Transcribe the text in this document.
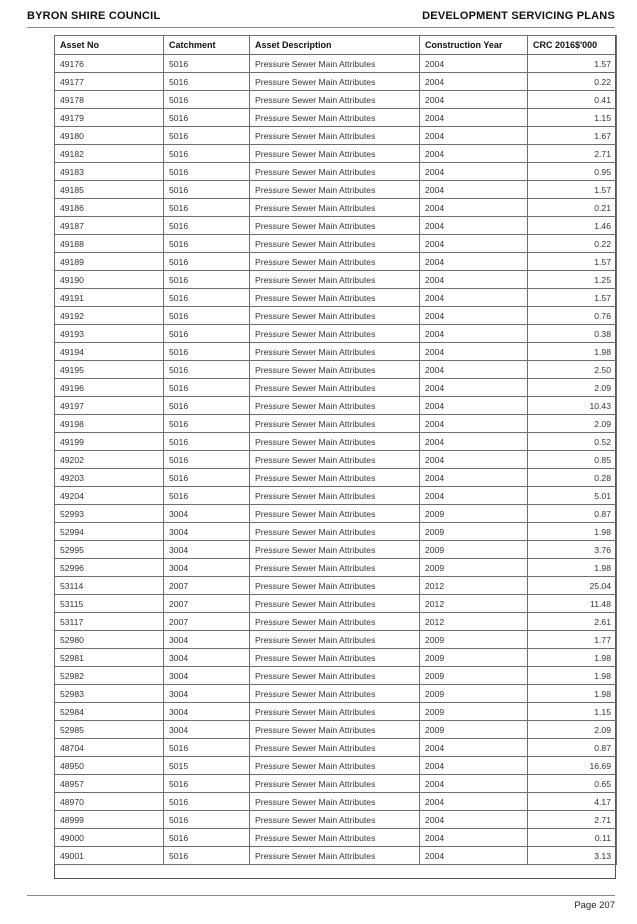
BYRON SHIRE COUNCIL	DEVELOPMENT SERVICING PLANS
Asset No	Catchment	Asset Description	Construction Year	CRC 2016$'000
49176	5016	Pressure Sewer Main Attributes	2004	1.57
49177	5016	Pressure Sewer Main Attributes	2004	0.22
49178	5016	Pressure Sewer Main Attributes	2004	0.41
49179	5016	Pressure Sewer Main Attributes	2004	1.15
49180	5016	Pressure Sewer Main Attributes	2004	1.67
49182	5016	Pressure Sewer Main Attributes	2004	2.71
49183	5016	Pressure Sewer Main Attributes	2004	0.95
49185	5016	Pressure Sewer Main Attributes	2004	1.57
49186	5016	Pressure Sewer Main Attributes	2004	0.21
49187	5016	Pressure Sewer Main Attributes	2004	1.46
49188	5016	Pressure Sewer Main Attributes	2004	0.22
49189	5016	Pressure Sewer Main Attributes	2004	1.57
49190	5016	Pressure Sewer Main Attributes	2004	1.25
49191	5016	Pressure Sewer Main Attributes	2004	1.57
49192	5016	Pressure Sewer Main Attributes	2004	0.76
49193	5016	Pressure Sewer Main Attributes	2004	0.38
49194	5016	Pressure Sewer Main Attributes	2004	1.98
49195	5016	Pressure Sewer Main Attributes	2004	2.50
49196	5016	Pressure Sewer Main Attributes	2004	2.09
49197	5016	Pressure Sewer Main Attributes	2004	10.43
49198	5016	Pressure Sewer Main Attributes	2004	2.09
49199	5016	Pressure Sewer Main Attributes	2004	0.52
49202	5016	Pressure Sewer Main Attributes	2004	0.85
49203	5016	Pressure Sewer Main Attributes	2004	0.28
49204	5016	Pressure Sewer Main Attributes	2004	5.01
52993	3004	Pressure Sewer Main Attributes	2009	0.87
52994	3004	Pressure Sewer Main Attributes	2009	1.98
52995	3004	Pressure Sewer Main Attributes	2009	3.76
52996	3004	Pressure Sewer Main Attributes	2009	1.98
53114	2007	Pressure Sewer Main Attributes	2012	25.04
53115	2007	Pressure Sewer Main Attributes	2012	11.48
53117	2007	Pressure Sewer Main Attributes	2012	2.61
52980	3004	Pressure Sewer Main Attributes	2009	1.77
52981	3004	Pressure Sewer Main Attributes	2009	1.98
52982	3004	Pressure Sewer Main Attributes	2009	1.98
52983	3004	Pressure Sewer Main Attributes	2009	1.98
52984	3004	Pressure Sewer Main Attributes	2009	1.15
52985	3004	Pressure Sewer Main Attributes	2009	2.09
48704	5016	Pressure Sewer Main Attributes	2004	0.87
48950	5015	Pressure Sewer Main Attributes	2004	16.69
48957	5016	Pressure Sewer Main Attributes	2004	0.65
48970	5016	Pressure Sewer Main Attributes	2004	4.17
48999	5016	Pressure Sewer Main Attributes	2004	2.71
49000	5016	Pressure Sewer Main Attributes	2004	0.11
49001	5016	Pressure Sewer Main Attributes	2004	3.13
Page 207
